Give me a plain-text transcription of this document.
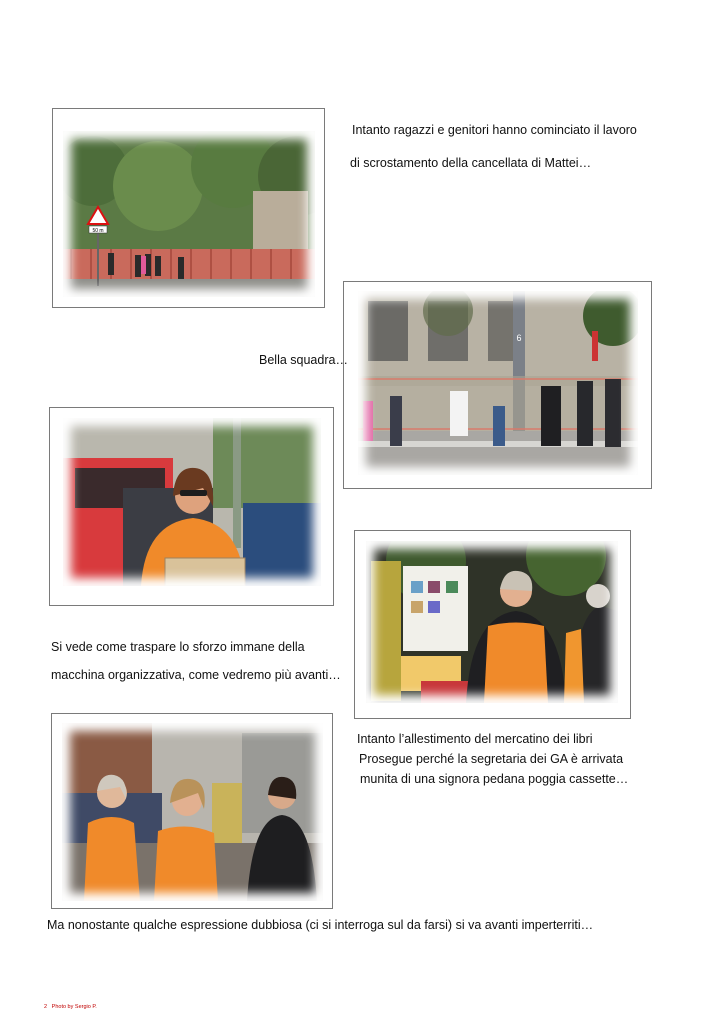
50 m
Intanto ragazzi e genitori hanno cominciato il lavoro
di scrostamento della cancellata di Mattei…
6
Bella squadra…
Si vede come traspare lo sforzo immane della
macchina organizzativa, come vedremo più avanti…
Intanto l’allestimento del mercatino dei libri
Prosegue perché la segretaria dei GA è arrivata
munita di una signora pedana poggia cassette…
Ma nonostante qualche espressione dubbiosa (ci si interroga sul da farsi) si va avanti imperterriti…
2 Photo by Sergio P.
